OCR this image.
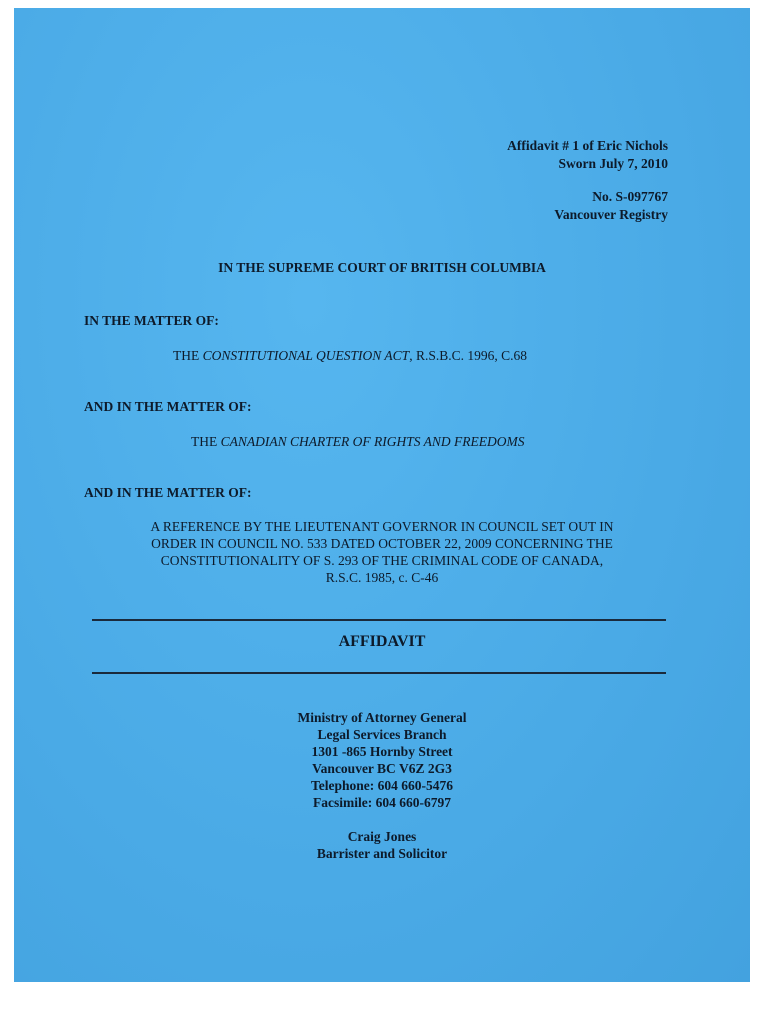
Affidavit # 1 of Eric Nichols
Sworn July 7, 2010
No. S-097767
Vancouver Registry
IN THE SUPREME COURT OF BRITISH COLUMBIA
IN THE MATTER OF:
THE CONSTITUTIONAL QUESTION ACT, R.S.B.C. 1996, C.68
AND IN THE MATTER OF:
THE CANADIAN CHARTER OF RIGHTS AND FREEDOMS
AND IN THE MATTER OF:
A REFERENCE BY THE LIEUTENANT GOVERNOR IN COUNCIL SET OUT IN
ORDER IN COUNCIL NO. 533 DATED OCTOBER 22, 2009 CONCERNING THE
CONSTITUTIONALITY OF S. 293 OF THE CRIMINAL CODE OF CANADA,
R.S.C. 1985, c. C-46
AFFIDAVIT
Ministry of Attorney General
Legal Services Branch
1301 -865 Hornby Street
Vancouver BC V6Z 2G3
Telephone: 604 660-5476
Facsimile: 604 660-6797
Craig Jones
Barrister and Solicitor
